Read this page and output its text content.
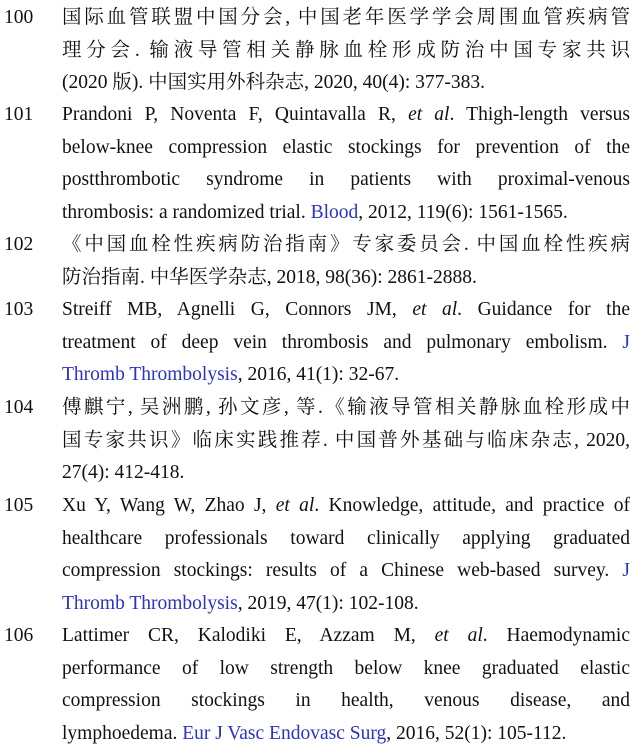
100	国际血管联盟中国分会, 中国老年医学学会周围血管疾病管
理分会. 输液导管相关静脉血栓形成防治中国专家共识
(2020 版). 中国实用外科杂志, 2020, 40(4): 377-383.
101	Prandoni P, Noventa F, Quintavalla R, et al. Thigh-length versus
below-knee compression elastic stockings for prevention of the
postthrombotic syndrome in patients with proximal-venous
thrombosis: a randomized trial. Blood, 2012, 119(6): 1561-1565.
102	《中国血栓性疾病防治指南》专家委员会. 中国血栓性疾病
防治指南. 中华医学杂志, 2018, 98(36): 2861-2888.
103	Streiff MB, Agnelli G, Connors JM, et al. Guidance for the
treatment of deep vein thrombosis and pulmonary embolism. J
Thromb Thrombolysis, 2016, 41(1): 32-67.
104	傅麒宁, 吴洲鹏, 孙文彦, 等.《输液导管相关静脉血栓形成中
国专家共识》临床实践推荐. 中国普外基础与临床杂志, 2020,
27(4): 412-418.
105	Xu Y, Wang W, Zhao J, et al. Knowledge, attitude, and practice of
healthcare professionals toward clinically applying graduated
compression stockings: results of a Chinese web-based survey. J
Thromb Thrombolysis, 2019, 47(1): 102-108.
106	Lattimer CR, Kalodiki E, Azzam M, et al. Haemodynamic
performance of low strength below knee graduated elastic
compression stockings in health, venous disease, and
lymphoedema. Eur J Vasc Endovasc Surg, 2016, 52(1): 105-112.
